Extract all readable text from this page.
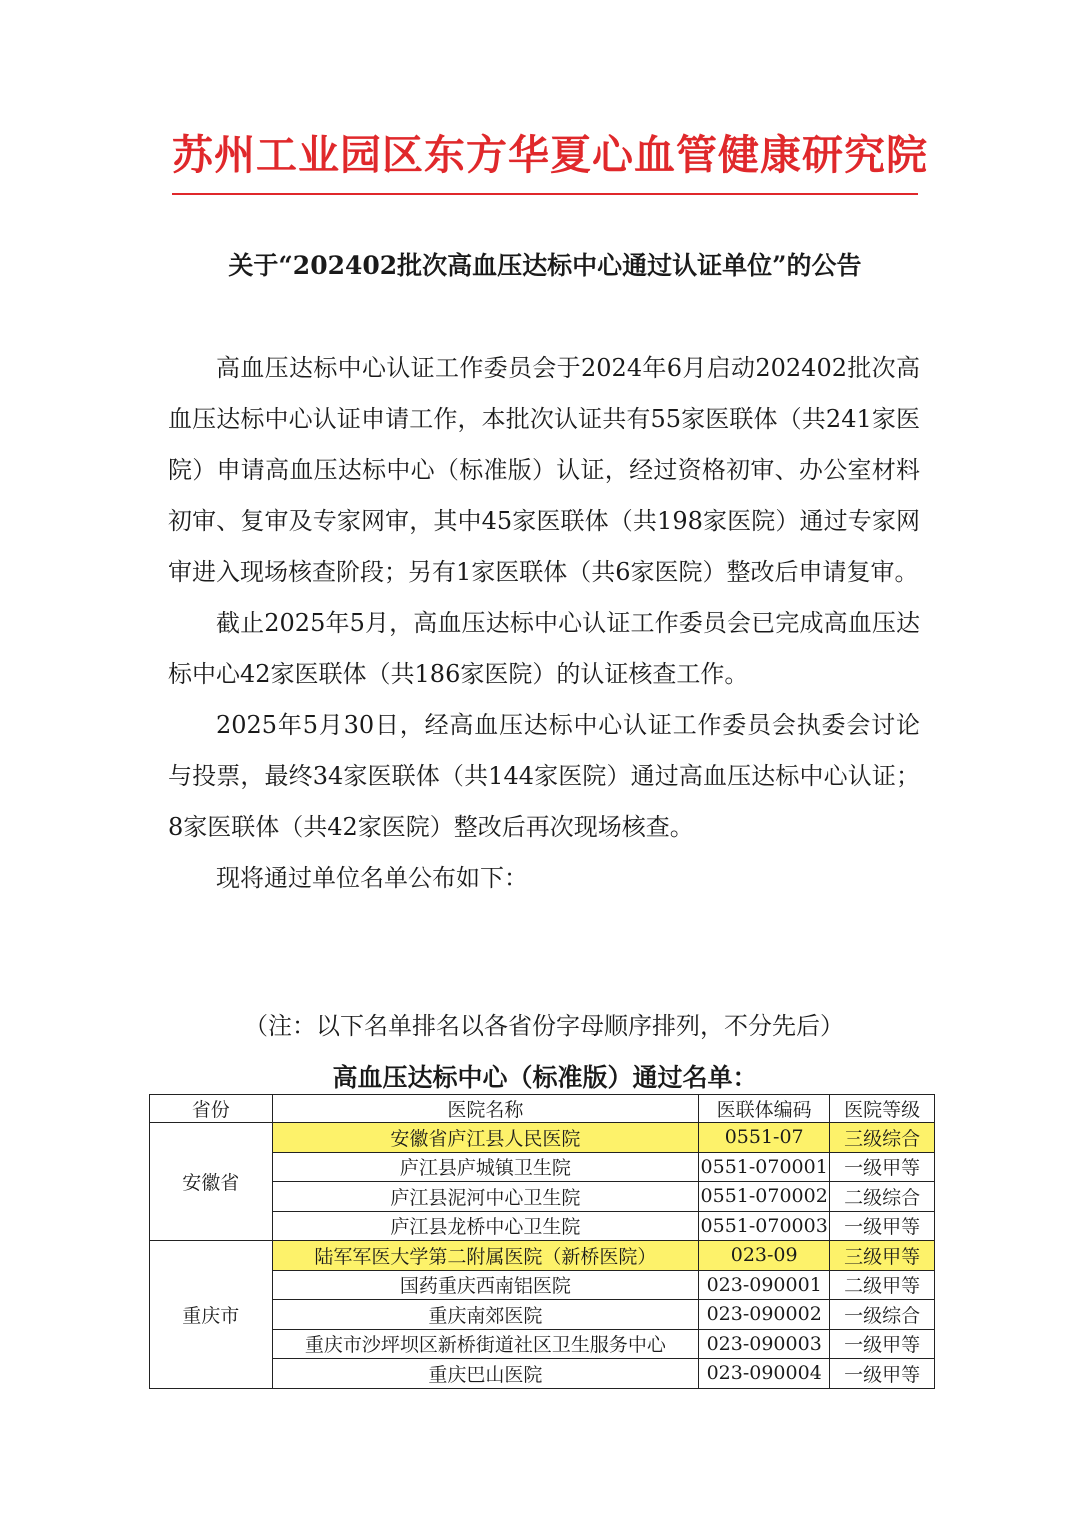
苏州工业园区东方华夏心血管健康研究院
关于“202402批次高血压达标中心通过认证单位”的公告

高血压达标中心认证工作委员会于2024年6月启动202402批次高血压达标中心认证申请工作，本批次认证共有55家医联体（共241家医院）申请高血压达标中心（标准版）认证，经过资格初审、办公室材料初审、复审及专家网审，其中45家医联体（共198家医院）通过专家网审进入现场核查阶段；另有1家医联体（共6家医院）整改后申请复审。

截止2025年5月，高血压达标中心认证工作委员会已完成高血压达标中心42家医联体（共186家医院）的认证核查工作。

2025年5月30日，经高血压达标中心认证工作委员会执委会讨论与投票，最终34家医联体（共144家医院）通过高血压达标中心认证；8家医联体（共42家医院）整改后再次现场核查。

现将通过单位名单公布如下：

（注：以下名单排名以各省份字母顺序排列，不分先后）
高血压达标中心（标准版）通过名单：
省份	医院名称	医联体编码	医院等级
安徽省	安徽省庐江县人民医院	0551-07	三级综合
	庐江县庐城镇卫生院	0551-070001	一级甲等
	庐江县泥河中心卫生院	0551-070002	二级综合
	庐江县龙桥中心卫生院	0551-070003	一级甲等
重庆市	陆军军医大学第二附属医院（新桥医院）	023-09	三级甲等
	国药重庆西南铝医院	023-090001	二级甲等
	重庆南郊医院	023-090002	一级综合
	重庆市沙坪坝区新桥街道社区卫生服务中心	023-090003	一级甲等
	重庆巴山医院	023-090004	一级甲等
